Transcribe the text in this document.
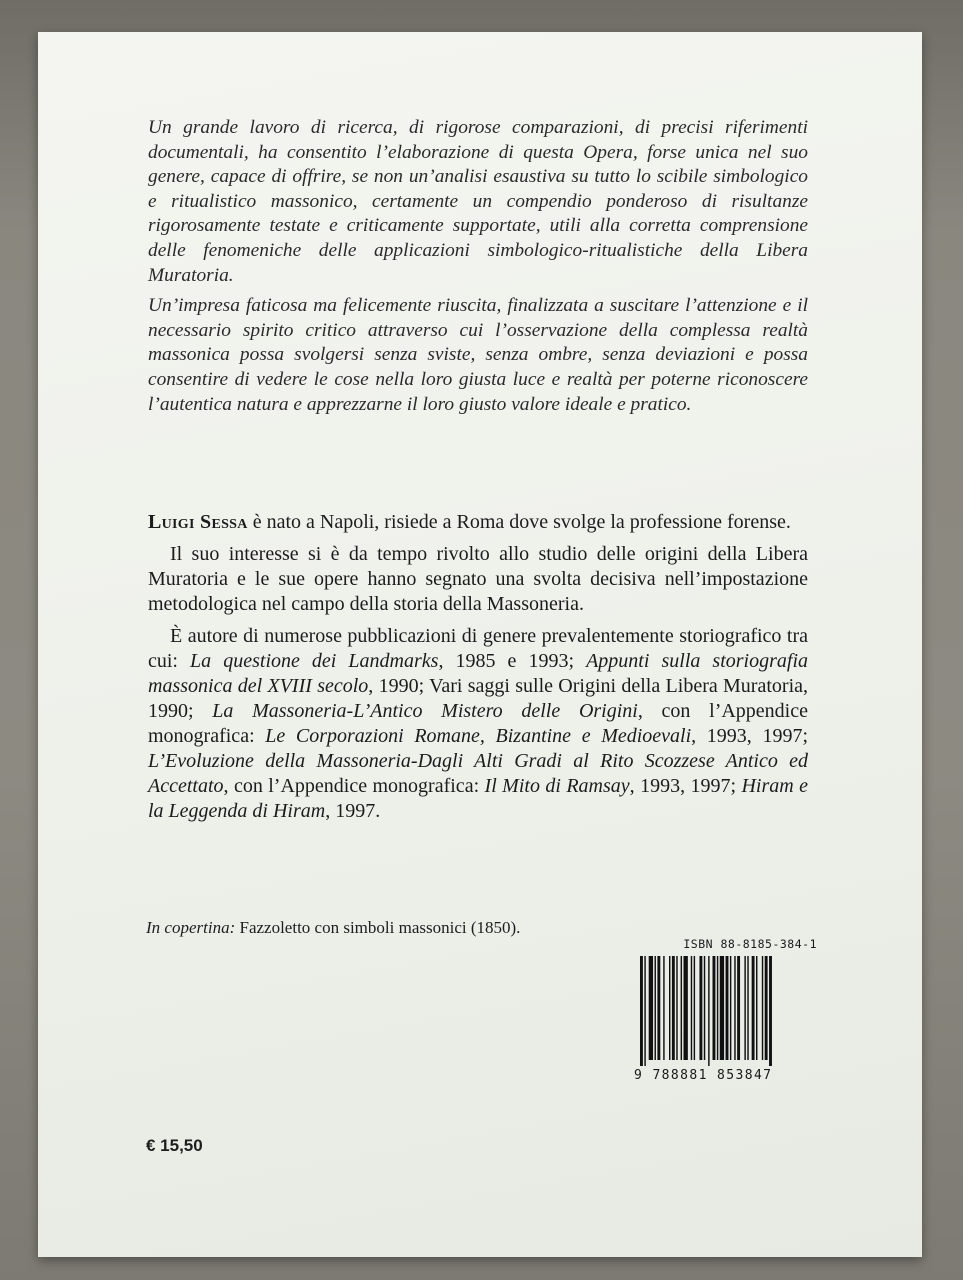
Un grande lavoro di ricerca, di rigorose comparazioni, di precisi riferimenti documentali, ha consentito l’elaborazione di questa Opera, forse unica nel suo genere, capace di offrire, se non un’analisi esaustiva su tutto lo scibile simbologico e ritualistico massonico, certamente un compendio ponderoso di risultanze rigorosamente testate e criticamente supportate, utili alla corretta comprensione delle fenomeniche delle applicazioni simbologico-ritualistiche della Libera Muratoria.

Un’impresa faticosa ma felicemente riuscita, finalizzata a suscitare l’attenzione e il necessario spirito critico attraverso cui l’osservazione della complessa realtà massonica possa svolgersi senza sviste, senza ombre, senza deviazioni e possa consentire di vedere le cose nella loro giusta luce e realtà per poterne riconoscere l’autentica natura e apprezzarne il loro giusto valore ideale e pratico.

Luigi Sessa è nato a Napoli, risiede a Roma dove svolge la professione forense.

Il suo interesse si è da tempo rivolto allo studio delle origini della Libera Muratoria e le sue opere hanno segnato una svolta decisiva nell’impostazione metodologica nel campo della storia della Massoneria.

È autore di numerose pubblicazioni di genere prevalentemente storiografico tra cui: La questione dei Landmarks, 1985 e 1993; Appunti sulla storiografia massonica del XVIII secolo, 1990; Vari saggi sulle Origini della Libera Muratoria, 1990; La Massoneria-L’Antico Mistero delle Origini, con l’Appendice monografica: Le Corporazioni Romane, Bizantine e Medioevali, 1993, 1997; L’Evoluzione della Massoneria-Dagli Alti Gradi al Rito Scozzese Antico ed Accettato, con l’Appendice monografica: Il Mito di Ramsay, 1993, 1997; Hiram e la Leggenda di Hiram, 1997.

In copertina: Fazzoletto con simboli massonici (1850).
ISBN 88-8185-384-1
9 788881 853847
€ 15,50
